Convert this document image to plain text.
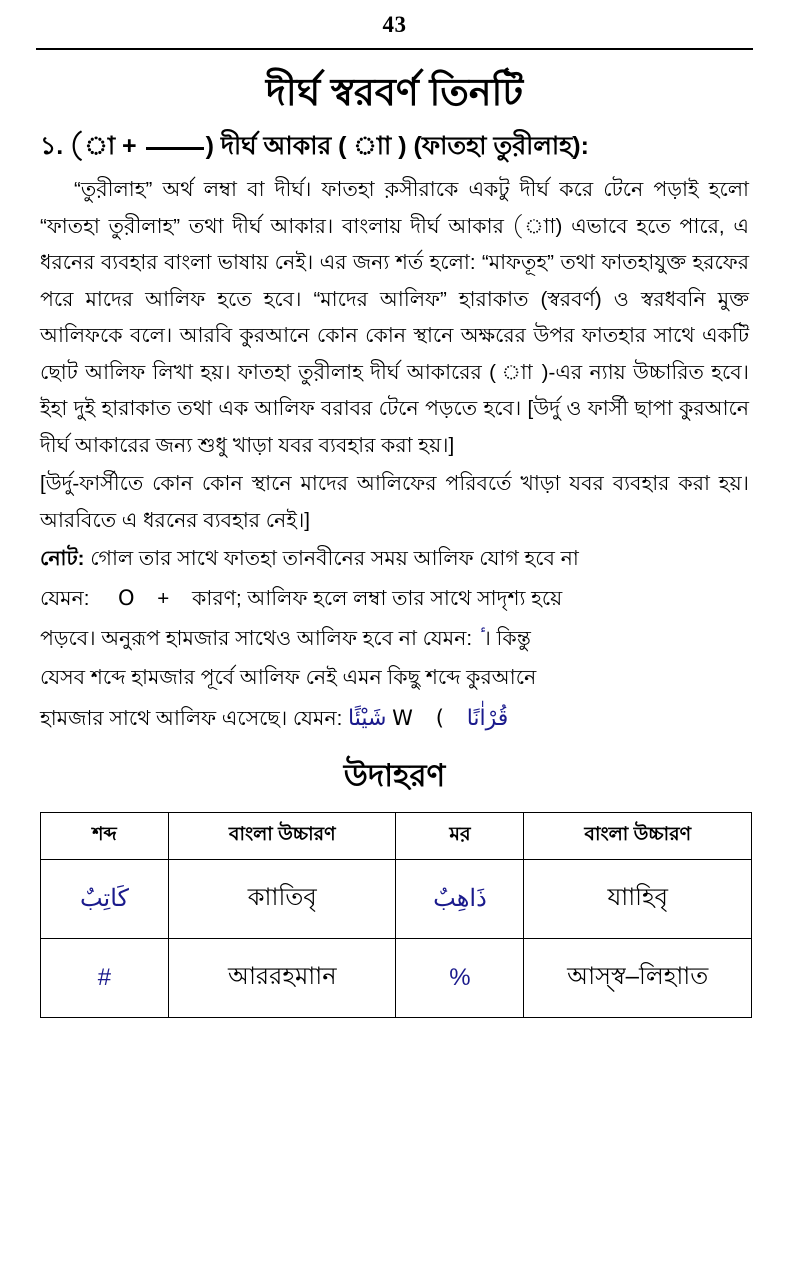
43
দীর্ঘ স্বরবর্ণ তিনটি
১. ( +	) দীর্ঘ আকার ( াা ) (ফাতহা তুব়ীলাহ):

“তুব়ীলাহ” অর্থ লম্বা বা দীর্ঘ। ফাতহা ক়সীরাকে একটু দীর্ঘ করে টেনে পড়াই হলো “ফাতহা তুব়ীলাহ” তথা দীর্ঘ আকার। বাংলায় দীর্ঘ আকার (াা) এভাবে হতে পারে, এ ধরনের ব্যবহার বাংলা ভাষায় নেই। এর জন্য শর্ত হলো: “মাফতূহ” তথা ফাতহাযুক্ত হরফের পরে মাদের আলিফ হতে হবে। “মাদের আলিফ” হারাকাত (স্বরবর্ণ) ও স্বরধবনি মুক্ত আলিফকে বলে। আরবি কুরআনে কোন কোন স্থানে অক্ষরের উপর ফাতহার সাথে একটি ছোট আলিফ লিখা হয়। ফাতহা তুব়ীলাহ দীর্ঘ আকারের ( াা )-এর ন্যায় উচ্চারিত হবে। ইহা দুই হারাকাত তথা এক আলিফ বরাবর টেনে পড়তে হবে। [উর্দু ও ফার্সী ছাপা কুরআনে দীর্ঘ আকারের জন্য শুধু খাড়া যবর ব্যবহার করা হয়।]

[উর্দু-ফার্সীতে কোন কোন স্থানে মাদের আলিফের পরিবর্তে খাড়া যবর ব্যবহার করা হয়। আরবিতে এ ধরনের ব্যবহার নেই।]

নোট: গোল তার সাথে ফাতহা তানবীনের সময় আলিফ যোগ হবে না

যেমন: O + কারণ; আলিফ হলে লম্বা তার সাথে সাদৃশ্য হয়ে

পড়বে। অনুরূপ হামজার সাথেও আলিফ হবে না যেমন: । কিন্তু

যেসব শব্দে হামজার পূর্বে আলিফ নেই এমন কিছু শব্দে কুরআনে

হামজার সাথে আলিফ এসেছে। যেমন: شَيْئًا W ( قُرْاٰنًا

উদাহরণ
শব্দ	বাংলা উচ্চারণ	মব়	বাংলা উচ্চারণ
كَاتِبٌ	কাাতিবৃ	ذَاهِبٌ	যাাহিবৃ
#	আররহমাান	%	আস্স্ব–লিহাাত
